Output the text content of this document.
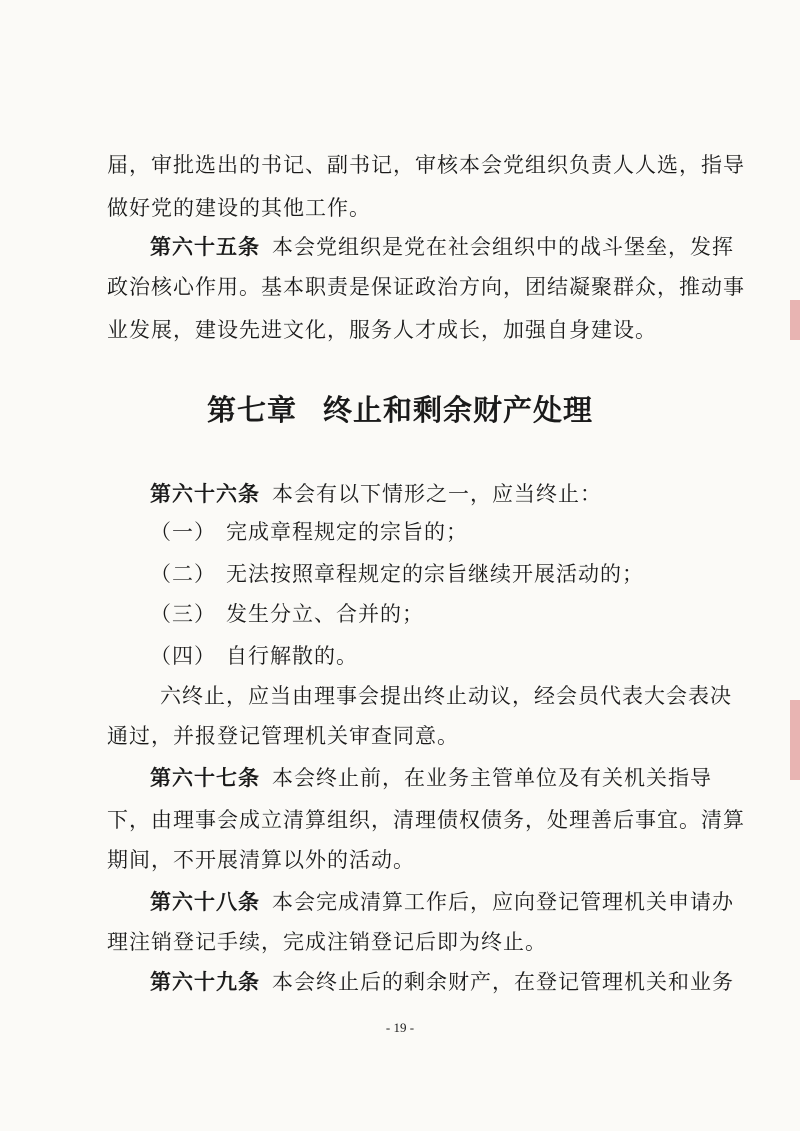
届，审批选出的书记、副书记，审核本会党组织负责人人选，指导
做好党的建设的其他工作。
第六十五条 本会党组织是党在社会组织中的战斗堡垒，发挥
政治核心作用。基本职责是保证政治方向，团结凝聚群众，推动事
业发展，建设先进文化，服务人才成长，加强自身建设。
第七章 终止和剩余财产处理
第六十六条 本会有以下情形之一，应当终止：
（一） 完成章程规定的宗旨的；
（二） 无法按照章程规定的宗旨继续开展活动的；
（三） 发生分立、合并的；
（四） 自行解散的。
六终止，应当由理事会提出终止动议，经会员代表大会表决
通过，并报登记管理机关审查同意。
第六十七条 本会终止前，在业务主管单位及有关机关指导
下，由理事会成立清算组织，清理债权债务，处理善后事宜。清算
期间，不开展清算以外的活动。
第六十八条 本会完成清算工作后，应向登记管理机关申请办
理注销登记手续，完成注销登记后即为终止。
第六十九条 本会终止后的剩余财产，在登记管理机关和业务
- 19 -
